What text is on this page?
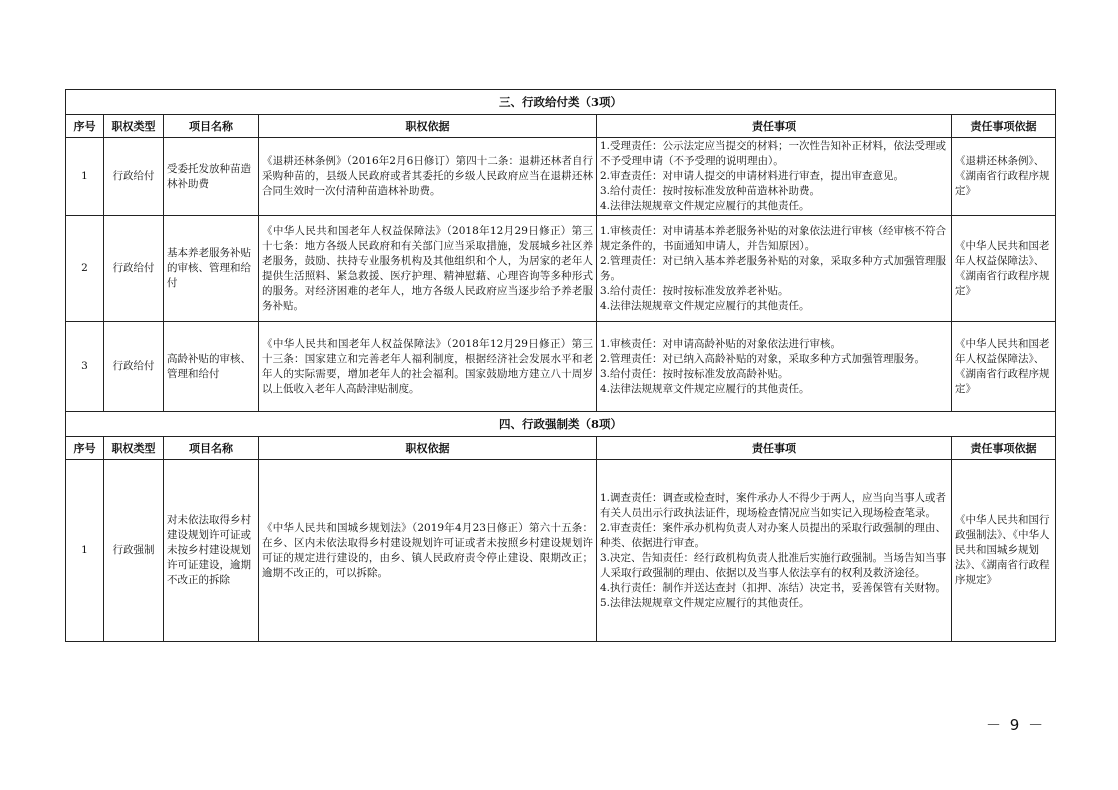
三、行政给付类（3项）					
序号	职权类型	项目名称	职权依据	责任事项	责任事项依据
1	行政给付	受委托发放种苗造林补助费	《退耕还林条例》（2016年2月6日修订）第四十二条：退耕还林者自行采购种苗的，县级人民政府或者其委托的乡级人民政府应当在退耕还林合同生效时一次付清种苗造林补助费。	1.受理责任：公示法定应当提交的材料；一次性告知补正材料，依法受理或不予受理申请（不予受理的说明理由）。
2.审查责任：对申请人提交的申请材料进行审查，提出审查意见。
3.给付责任：按时按标准发放种苗造林补助费。
4.法律法规规章文件规定应履行的其他责任。	《退耕还林条例》、《湖南省行政程序规定》
2	行政给付	基本养老服务补贴的审核、管理和给付	《中华人民共和国老年人权益保障法》（2018年12月29日修正）第三十七条：地方各级人民政府和有关部门应当采取措施，发展城乡社区养老服务，鼓励、扶持专业服务机构及其他组织和个人，为居家的老年人提供生活照料、紧急救援、医疗护理、精神慰藉、心理咨询等多种形式的服务。对经济困难的老年人，地方各级人民政府应当逐步给予养老服务补贴。	1.审核责任：对申请基本养老服务补贴的对象依法进行审核（经审核不符合规定条件的，书面通知申请人，并告知原因）。
2.管理责任：对已纳入基本养老服务补贴的对象，采取多种方式加强管理服务。
3.给付责任：按时按标准发放养老补贴。
4.法律法规规章文件规定应履行的其他责任。	《中华人民共和国老年人权益保障法》、《湖南省行政程序规定》
3	行政给付	高龄补贴的审核、管理和给付	《中华人民共和国老年人权益保障法》（2018年12月29日修正）第三十三条：国家建立和完善老年人福利制度，根据经济社会发展水平和老年人的实际需要，增加老年人的社会福利。国家鼓励地方建立八十周岁以上低收入老年人高龄津贴制度。	1.审核责任：对申请高龄补贴的对象依法进行审核。
2.管理责任：对已纳入高龄补贴的对象，采取多种方式加强管理服务。
3.给付责任：按时按标准发放高龄补贴。
4.法律法规规章文件规定应履行的其他责任。	《中华人民共和国老年人权益保障法》、《湖南省行政程序规定》
四、行政强制类（8项）					
序号	职权类型	项目名称	职权依据	责任事项	责任事项依据
1	行政强制	对未依法取得乡村建设规划许可证或未按乡村建设规划许可证建设，逾期不改正的拆除	《中华人民共和国城乡规划法》（2019年4月23日修正）第六十五条：在乡、区内未依法取得乡村建设规划许可证或者未按照乡村建设规划许可证的规定进行建设的，由乡、镇人民政府责令停止建设、限期改正；逾期不改正的，可以拆除。	1.调查责任：调查或检查时，案件承办人不得少于两人，应当向当事人或者有关人员出示行政执法证件，现场检查情况应当如实记入现场检查笔录。
2.审查责任：案件承办机构负责人对办案人员提出的采取行政强制的理由、种类、依据进行审查。
3.决定、告知责任：经行政机构负责人批准后实施行政强制。当场告知当事人采取行政强制的理由、依据以及当事人依法享有的权利及救济途径。
4.执行责任：制作并送达查封（扣押、冻结）决定书，妥善保管有关财物。
5.法律法规规章文件规定应履行的其他责任。	《中华人民共和国行政强制法》、《中华人民共和国城乡规划法》、《湖南省行政程序规定》
－ 9 －
